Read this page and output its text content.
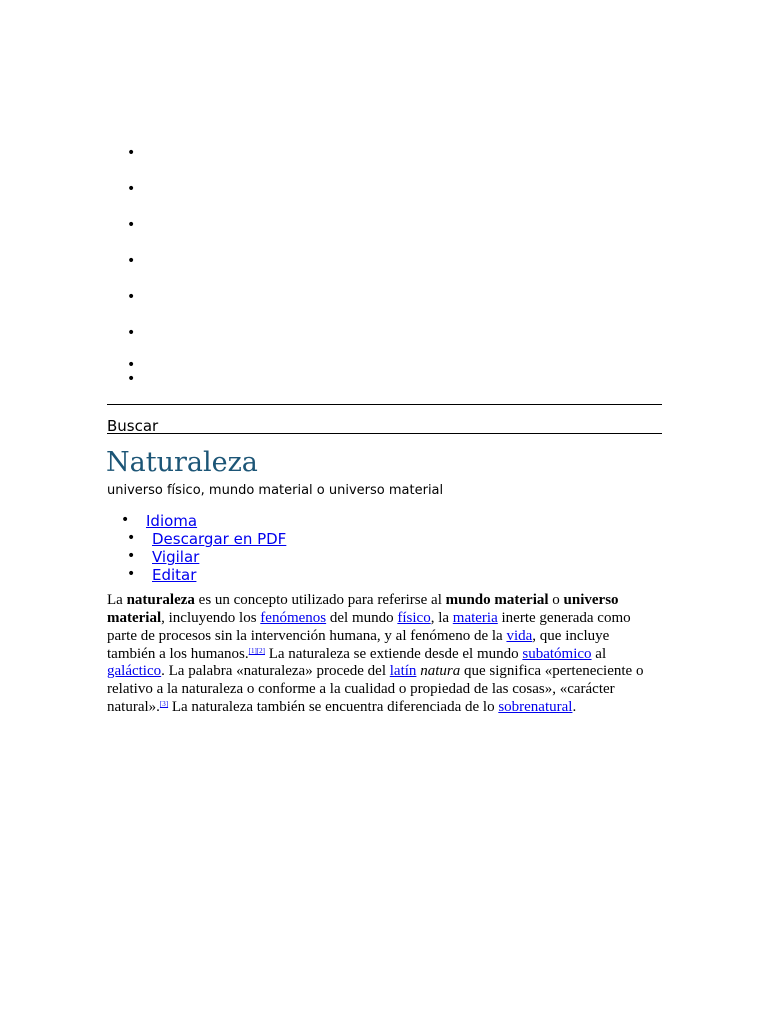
•
•
•
•
•
•
•
•
Buscar
Naturaleza
universo físico, mundo material o universo material
• Idioma
• Descargar en PDF
• Vigilar
• Editar

La naturaleza es un concepto utilizado para referirse al mundo material o universo material, incluyendo los fenómenos del mundo físico, la materia inerte generada como parte de procesos sin la intervención humana, y al fenómeno de la vida, que incluye también a los humanos.[1][2] La naturaleza se extiende desde el mundo subatómico al galáctico. La palabra «naturaleza» procede del latín natura que significa «perteneciente o relativo a la naturaleza o conforme a la cualidad o propiedad de las cosas», «carácter natural».[3] La naturaleza también se encuentra diferenciada de lo sobrenatural.
